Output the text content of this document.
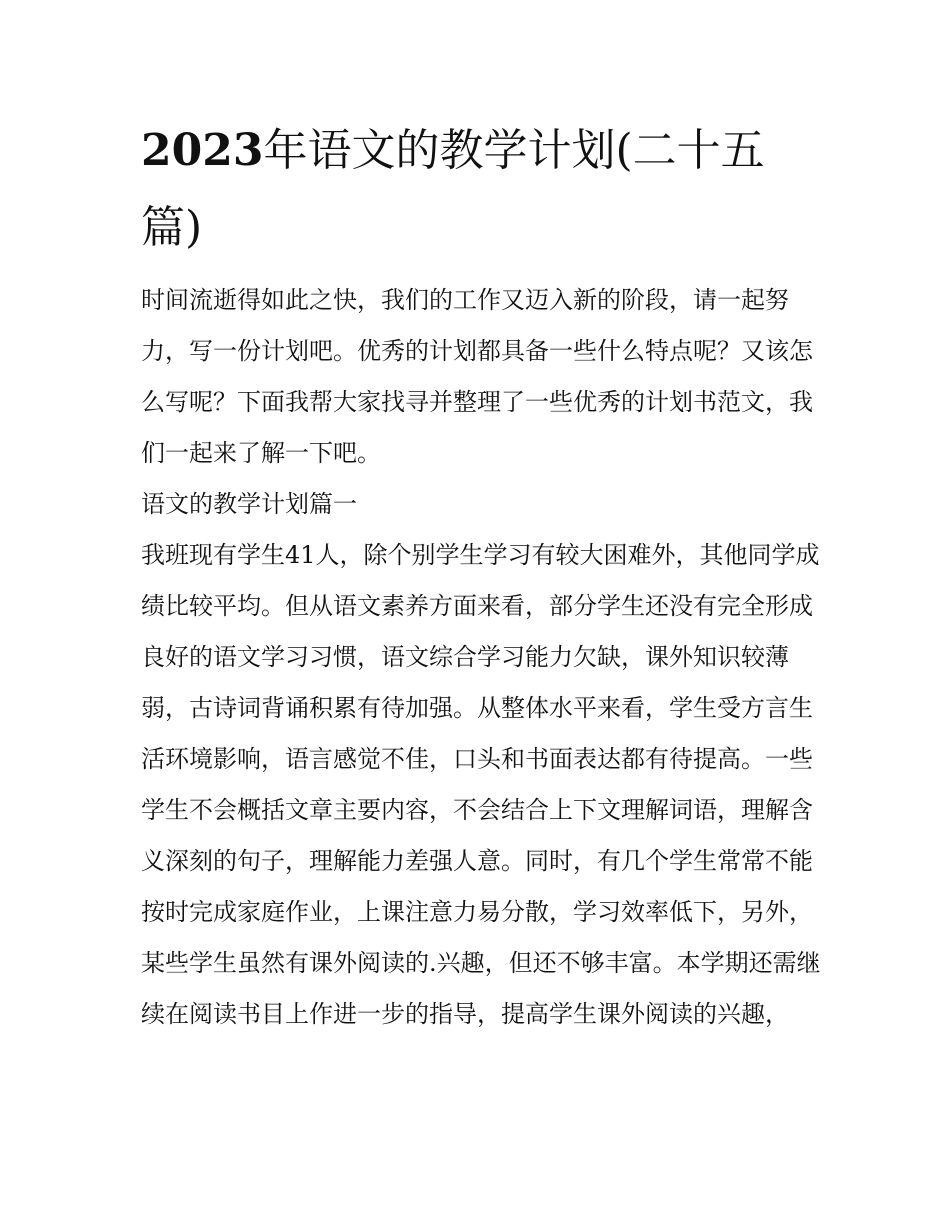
2023年语文的教学计划(二十五篇)

时间流逝得如此之快，我们的工作又迈入新的阶段，请一起努力，写一份计划吧。优秀的计划都具备一些什么特点呢？又该怎么写呢？下面我帮大家找寻并整理了一些优秀的计划书范文，我们一起来了解一下吧。

语文的教学计划篇一

我班现有学生41人，除个别学生学习有较大困难外，其他同学成绩比较平均。但从语文素养方面来看，部分学生还没有完全形成良好的语文学习习惯，语文综合学习能力欠缺，课外知识较薄弱，古诗词背诵积累有待加强。从整体水平来看，学生受方言生活环境影响，语言感觉不佳，口头和书面表达都有待提高。一些学生不会概括文章主要内容，不会结合上下文理解词语，理解含义深刻的句子，理解能力差强人意。同时，有几个学生常常不能按时完成家庭作业，上课注意力易分散，学习效率低下，另外，某些学生虽然有课外阅读的.兴趣，但还不够丰富。本学期还需继续在阅读书目上作进一步的指导，提高学生课外阅读的兴趣，
